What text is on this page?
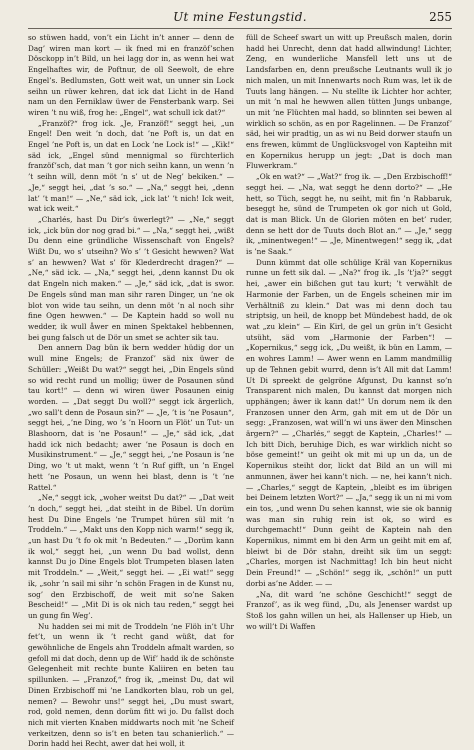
Ut mine Festungstid.	255

so stüwen hadd, von’t ein Licht in’t anner — denn de Dag’ wiren man kort — ik fned mi en franzöf’schen Dösckopp in’t Bild, un hei lagg dor in, as wenn hei wat Engelhaftes wir, de Poftnur, de oll Seewolt, de ehre Engel’s. Bedlumsten, Gott weit wat, un unner sin Lock seihn un rüwer kehren, dat ick dat Licht in de Hand nam un den Ferniklaw üwer de Fensterbank warp. Sei wiren ’t nu wiß, frog he: „Engel“, wat schull ick dat?“

„Franzöf?“ frog ick. „Je, Franzöf!“ seggt hei, „un Engel! Den weit ’n doch, dat ’ne Poft is, un dat en Engel ’ne Poft is, un dat en Lock ’ne Lock is!“ — „Kik!“ säd ick, „Engel sünd mennigmal so fürchterlich franzöf’sch, dat man ’t gor nich seihn kann, un wenn ’n ’t seihn will, denn möt ’n s’ ut de Neg’ bekiken.“ — „Je,“ seggt hei, „dat ’s so.“ — „Na,“ seggt hei, „denn lat’ ’t man!“ — „Ne,“ säd ick, „ick lat’ ’t nich! Ick weit, wat ick weit.“

„Charlés, hast Du Dir’s üwerlegt?“ — „Ne,“ seggt ick, „ick bün dor nog grad bi.“ — „Na,“ seggt hei, „wißt Du denn eine gründliche Wissenschaft von Engels? Wißt Du, wo s’ utseihn? Wo s’ ’t Gesicht hewwen? Wat s’ an hewwen? Wat s’ för Klederdrecht dragen?“ — „Ne,“ säd ick. — „Na,“ seggt hei, „denn kannst Du ok dat Engeln nich maken.“ — „Je,“ säd ick, „dat is swor. De Engels sünd man man sihr raren Dinger, un ’ne ok blot von wide tau seihn, un denn möt ’n al noch sihr fine Ogen hewwen.“ — De Kaptein hadd so woll nu wedder, ik wull åwer en minen Spektakel hebbennen, bei gung falsch ut de Dör un smet se achter sik tau.

Den annern Dag bün ik bern wedder hüdig dor un wull mine Engels; de Franzof’ säd nix üwer de Schüller: „Weißt Du wat?“ seggt hei, „Din Engels sünd so wid recht rund un mollig; üwer de Posaunen sünd tau kort!“ — denn wi wiren üwer Posaunen einig worden. — „Dat seggt Du woll?“ seggt ick ärgerlich, „wo sall’t denn de Posaun sin?“ — „Je, ’t is ’ne Posaun“, seggt hei, „’ne Ding, wo ’s ’n Hoorn un Flöt’ un Tut- un Blashoorn, dat is ’ne Posaun!“ — „Je,“ säd ick, „dat hadd ick nich bedacht; awer ’ne Posaun is doch en Musikinstrument.“ — „Je,“ seggt hei, „’ne Posaun is ’ne Ding, wo ’t ut makt, wenn ’t ’n Ruf gifft, un ’n Engel hett ’ne Posaun, un wenn hei blast, denn is ’t ’ne Rattel.“

„Ne,“ seggt ick, „woher weitst Du dat?“ — „Dat weit ’n doch,“ seggt hei, „dat steiht in de Bibel. Un dorüm hest Du Dine Engels ’ne Trumpet hüren sül mit ’n Troddeln.“ — „Makt uns den Kopp nich warm!“ segg ik, „un hast Du ’t fo ok mit ’n Bedeuten.“ — „Dorüm kann ik wol,“ seggt hei, „un wenn Du bad wollst, denn kannst Du jo Dine Engels blot Trumpeten blasen laten mit Troddeln.“ — „Weit,“ seggt hei. — „Ei wat!“ segg ik, „sohr ’n sail mi sihr ’n schön Fragen in de Kunst nu, sog’ den Erzbischoff, de weit mit so’ne Saken Bescheid!“ — „Mit Di is ok nich tau reden,“ seggt hei un gung fin Weg’.

Nu hadden sei mi mit de Troddeln ’ne Flöh in’t Uhr fet’t, un wenn ik ’t recht gand wüßt, dat for gewöhnliche de Engels ahn Troddeln afmalt warden, so gefoll mi dat doch, denn up de Wif’ hadd ik de schönste Gelegenheit mit rechte bunte Kaliiren en beten tau spillunken. — „Franzof,“ frog ik, „meinst Du, dat wil Dinen Erzbischoff mi ’ne Landkorten blau, rob un gel, nemen? — Bewohr uns!“ seggt hei, „Du must swart, rod, gold nemen, denn dorüm fitt wi jo. Du fallst doch nich mit vierten Knaben middwarts noch mit ’ne Scheif verkeitzen, denn so is’t en beten tau schanierlich.“ — Dorin hadd hei Recht, awer dat hei woll, it

füll de Scheef swart un witt up Preußsch malen, dorin hadd hei Unrecht, denn dat hadd allwindung! Lichter, Zeng, en wunderliche Mansfell lett uns ut de Landsfarben en, denn preußsche Leutnants wull ik jo nich malen, un mit Innenwarts noch Rum was, let ik de Tuuts lang hängen. — Nu stellte ik Lichter hor achter, un mit ’n mal he hewwen allen tütten Jungs unbange, un mit ’ne Flüchten mal hadd, so blinnten sei bewen al wirklich so schön, as en por Ragelinnen. — De Franzof’ säd, hei wir pradtig, un as wi nu Beid dorwer staufn un ens frewen, kümmt de Unglücksvogel von Kapteihn mit en Kopernikus herupp un jegt: „Dat is doch man Fluwerkram.“

„Ok en wat?“ — „Wat?“ frog ik. — „Den Erzbischoff!“ seggt hei. — „Na, wat seggt he denn dorto?“ — „He hett, so Tüch, seggt he, nu seiht, mit fin ’n Rabbaruk, beseggt he, sünd de Trumpeten ok gor nich ut Gold, dat is man Blick. Un de Glorien möten en bet’ ruder, denn se hett dor de Tuuts doch Blot an.“ — „Je,“ segg ik, „minentwegen!“ — „Je, Minentwegen!“ segg ik, „dat is ’ne Saak.“

Dunn kümmt dat olle schülige Kräl van Kopernikus runne un fett sik dal. — „Na?“ frog ik. „Is ’t’ja?“ seggt hei, „awer ein bißchen gut tau kurt; ’t verwählt de Harmonie der Farben, un de Engels scheinen mir im Verhältniß zu klein.“ Dat was mi denn doch tau striptsig, un heil, de knopp bet Mündebest hadd, de ok wat „zu klein“ — Ein Kirl, de gel un grün in’t Gesicht utsüht, säd vom „Harmonie der Farben“! — „Kopernikus,“ segg ick, „Du weißt, ik bün en Lamm, — en wohres Lamm! — Awer wenn en Lamm mandmillig up de Tehnen gebit wurrd, denn is’t All mit dat Lamm! Ut Di spreekt de gelgröne Afgunst, Du kannst so’n Transparent nich malen, Du kannst dat morgen nich upphängen; äwer ik kann dat!“ Un dorum nem ik den Franzosen unner den Arm, gah mit em ut de Dör un segg: „Franzosen, wat will’n wi uns äwer den Minschen ärgern?“ — „Charlés,“ seggt de Kaptein, „Charles!“ — Ich bitt Dich, beruhige Dich, es war wirklich nicht so böse gemeint!“ un geiht ok mit mi up un da, un de Kopernikus steiht dor, lickt dat Bild an un will mi anmunnen, äwer hei kann’t nich. — ne, hei kann’t nich. — „Charles,“ seggt de Kaptein, „bleibt es im übrigen bei Deinem letzten Wort?“ — „Ja,“ segg ik un ni mi vom ein tos, „und wenn Du sehen kannst, wie sie ok bannig was man sin ruhig rein ist ok, so wird es durchgemacht!“ Dunn geiht de Kaptein nah den Kopernikus, nimmt em bi den Arm un geiht mit em af, bleiwt bi de Dör stahn, dreiht sik üm un seggt: „Charles, morgen ist Nachmittag! Ich bin heut nicht Dein Freund!“ — „Schön!“ segg ik, „schön!“ un putt dorbi as’ne Adder. — —

„Na, dit ward ’ne schöne Geschicht!“ seggt de Franzof’, as ik weg fünd, „Du, als Jenenser wardst up Stoß los gahn willen un hei, als Hallenser up Hieb, un wo will’t Di Waffen
